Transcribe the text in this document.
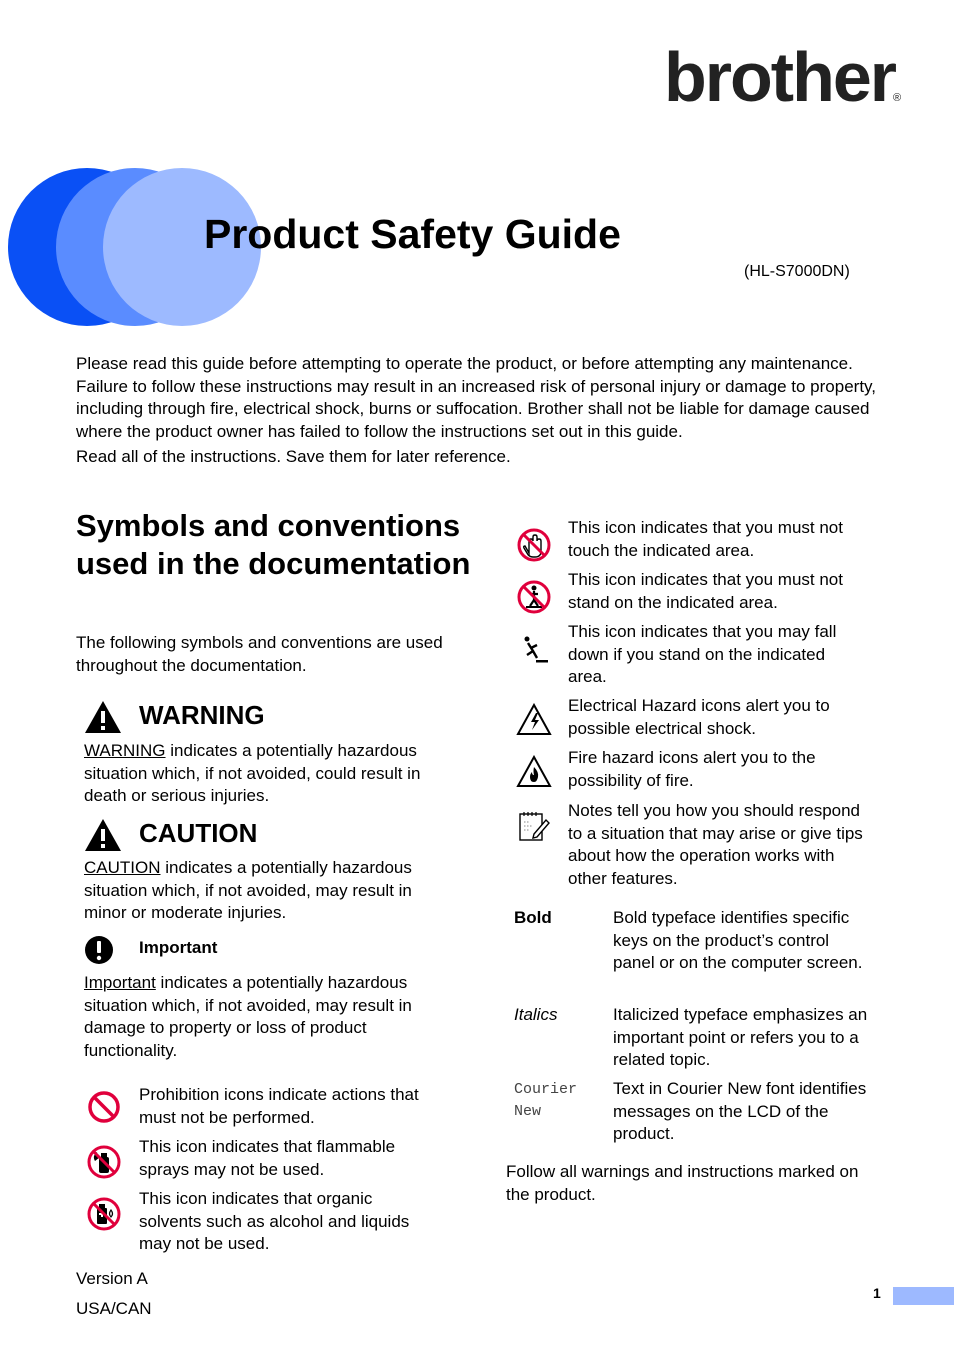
brother
®
Product Safety Guide
(HL-S7000DN)

Please read this guide before attempting to operate the product, or before attempting any maintenance. Failure to follow these instructions may result in an increased risk of personal injury or damage to property, including through fire, electrical shock, burns or suffocation. Brother shall not be liable for damage caused where the product owner has failed to follow the instructions set out in this guide.

Read all of the instructions. Save them for later reference.

Symbols and conventions used in the documentation
The following symbols and conventions are used throughout the documentation.
WARNING
WARNING indicates a potentially hazardous situation which, if not avoided, could result in death or serious injuries.
CAUTION
CAUTION indicates a potentially hazardous situation which, if not avoided, may result in minor or moderate injuries.
Important
Important indicates a potentially hazardous situation which, if not avoided, may result in damage to property or loss of product functionality.
Prohibition icons indicate actions that must not be performed.
This icon indicates that flammable sprays may not be used.
This icon indicates that organic solvents such as alcohol and liquids may not be used.
This icon indicates that you must not touch the indicated area.
This icon indicates that you must not stand on the indicated area.
This icon indicates that you may fall down if you stand on the indicated area.
Electrical Hazard icons alert you to possible electrical shock.
Fire hazard icons alert you to the possibility of fire.
Notes tell you how you should respond to a situation that may arise or give tips about how the operation works with other features.
Bold	Bold typeface identifies specific keys on the product’s control panel or on the computer screen.
Italics	Italicized typeface emphasizes an important point or refers you to a related topic.
Courier New
Text in Courier New font identifies messages on the LCD of the product.
Follow all warnings and instructions marked on the product.
Version A
USA/CAN
1
